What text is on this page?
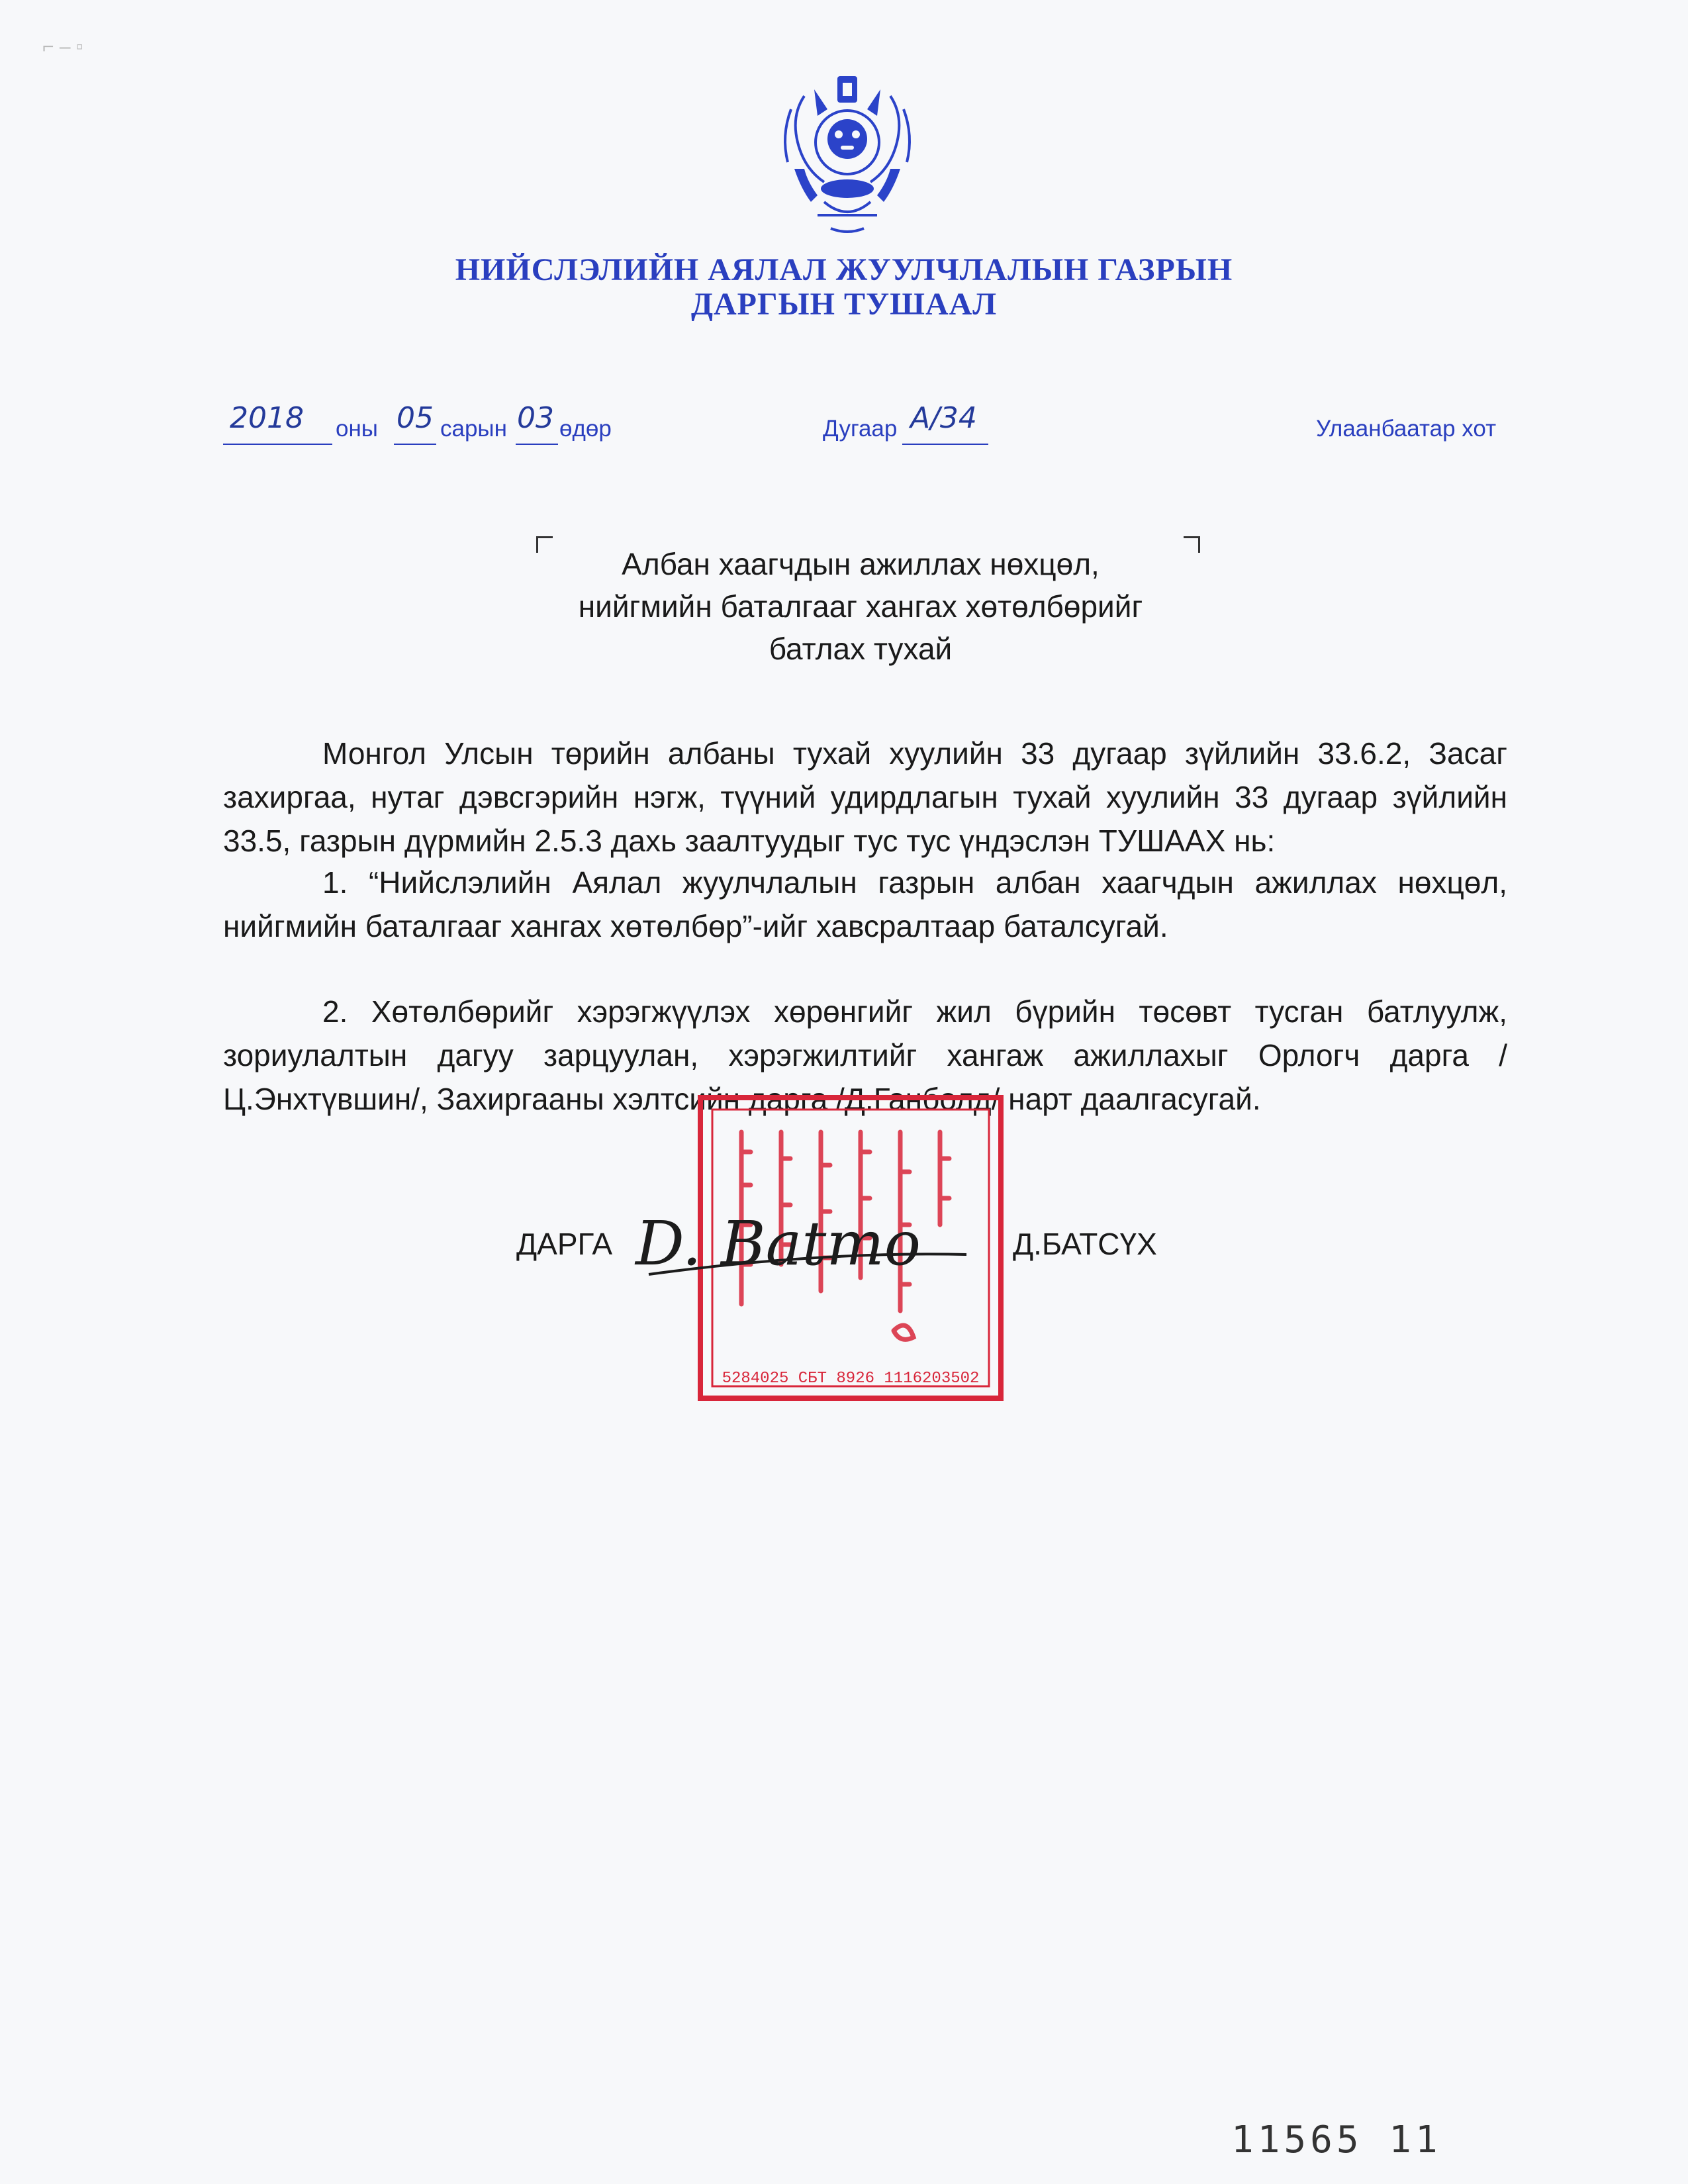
⌐ ‒ ▫
НИЙСЛЭЛИЙН АЯЛАЛ ЖУУЛЧЛАЛЫН ГАЗРЫН
ДАРГЫН ТУШААЛ
2018 оны 05 сарын 03 өдөр	Дугаар А/34	Улаанбаатар хот
Албан хаагчдын ажиллах нөхцөл,
нийгмийн баталгааг хангах хөтөлбөрийг
батлах тухай

Монгол Улсын төрийн албаны тухай хуулийн 33 дугаар зүйлийн 33.6.2, Засаг захиргаа, нутаг дэвсгэрийн нэгж, түүний удирдлагын тухай хуулийн 33 дугаар зүйлийн 33.5, газрын дүрмийн 2.5.3 дахь заалтуудыг тус тус үндэслэн ТУШААХ нь:

1. “Нийслэлийн Аялал жуулчлалын газрын албан хаагчдын ажиллах нөхцөл, нийгмийн баталгааг хангах хөтөлбөр”-ийг хавсралтаар баталсугай.

2. Хөтөлбөрийг хэрэгжүүлэх хөрөнгийг жил бүрийн төсөвт тусган батлуулж, зориулалтын дагуу зарцуулан, хэрэгжилтийг хангаж ажиллахыг Орлогч дарга /Ц.Энхтүвшин/, Захиргааны хэлтсийн дарга /Д.Ганболд/ нарт даалгасугай.

5284025 СБТ 8926 1116203502
ДАРГА D. Batmo	Д.БАТСҮХ
11565 11
